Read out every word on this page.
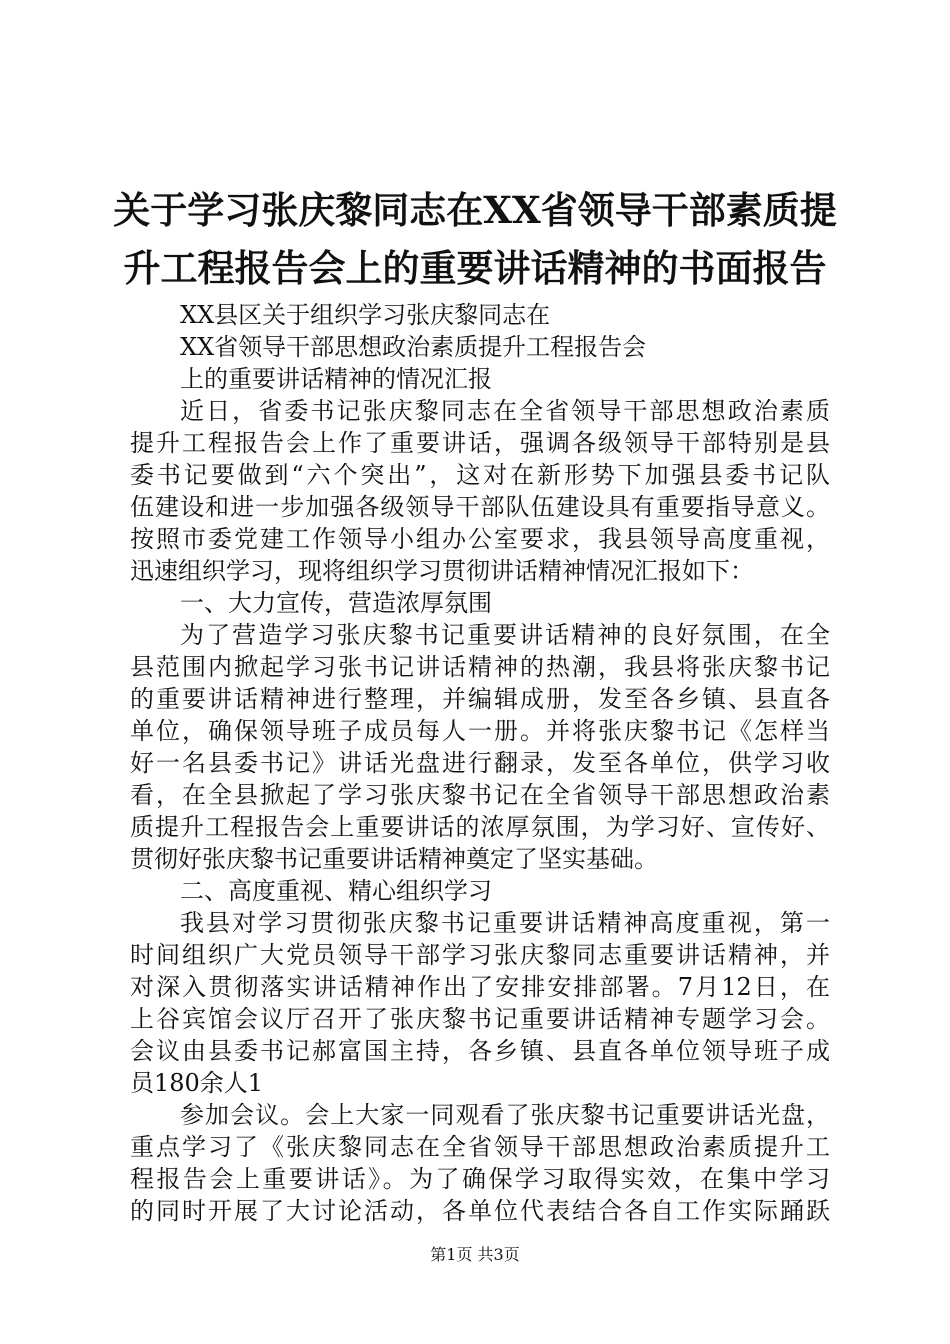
关于学习张庆黎同志在XX省领导干部素质提
升工程报告会上的重要讲话精神的书面报告
XX县区关于组织学习张庆黎同志在
XX省领导干部思想政治素质提升工程报告会
上的重要讲话精神的情况汇报
近日，省委书记张庆黎同志在全省领导干部思想政治素质
提升工程报告会上作了重要讲话，强调各级领导干部特别是县
委书记要做到“六个突出”，这对在新形势下加强县委书记队
伍建设和进一步加强各级领导干部队伍建设具有重要指导意义。
按照市委党建工作领导小组办公室要求，我县领导高度重视，
迅速组织学习，现将组织学习贯彻讲话精神情况汇报如下：
一、大力宣传，营造浓厚氛围
为了营造学习张庆黎书记重要讲话精神的良好氛围，在全
县范围内掀起学习张书记讲话精神的热潮，我县将张庆黎书记
的重要讲话精神进行整理，并编辑成册，发至各乡镇、县直各
单位，确保领导班子成员每人一册。并将张庆黎书记《怎样当
好一名县委书记》讲话光盘进行翻录，发至各单位，供学习收
看，在全县掀起了学习张庆黎书记在全省领导干部思想政治素
质提升工程报告会上重要讲话的浓厚氛围，为学习好、宣传好、
贯彻好张庆黎书记重要讲话精神奠定了坚实基础。
二、高度重视、精心组织学习
我县对学习贯彻张庆黎书记重要讲话精神高度重视，第一
时间组织广大党员领导干部学习张庆黎同志重要讲话精神，并
对深入贯彻落实讲话精神作出了安排安排部署。7月12日，在
上谷宾馆会议厅召开了张庆黎书记重要讲话精神专题学习会。
会议由县委书记郝富国主持，各乡镇、县直各单位领导班子成
员180余人1
参加会议。会上大家一同观看了张庆黎书记重要讲话光盘，
重点学习了《张庆黎同志在全省领导干部思想政治素质提升工
程报告会上重要讲话》。为了确保学习取得实效，在集中学习
的同时开展了大讨论活动，各单位代表结合各自工作实际踊跃
第1页 共3页
